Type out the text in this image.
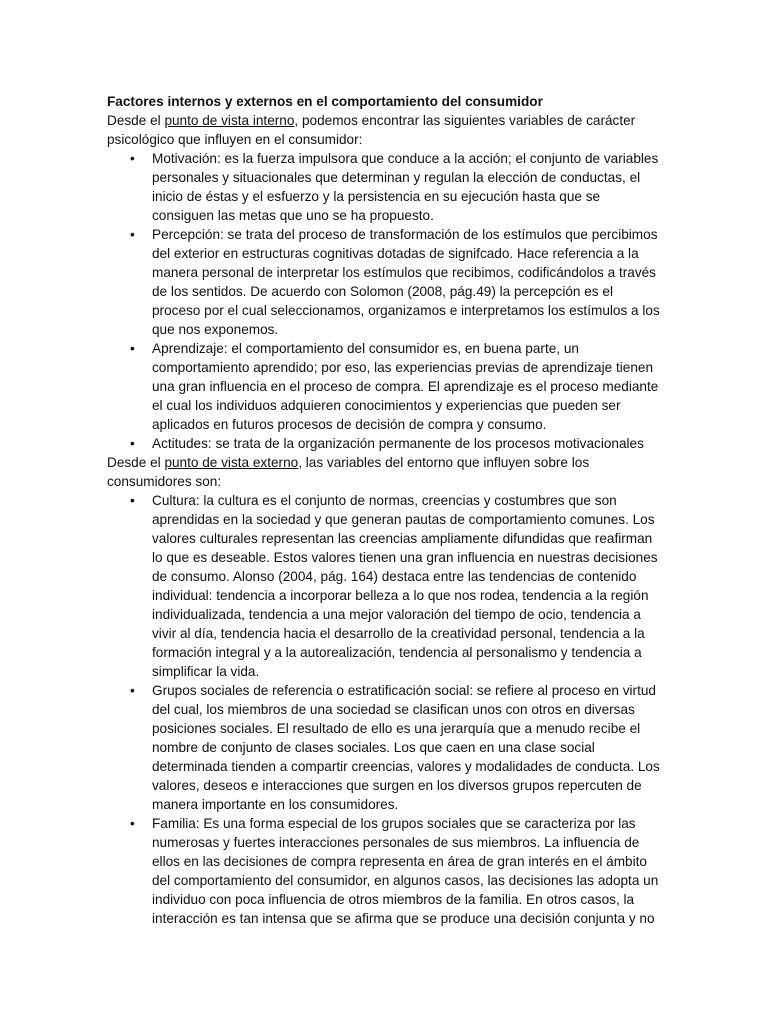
Factores internos y externos en el comportamiento del consumidor

Desde el punto de vista interno, podemos encontrar las siguientes variables de carácter psicológico que influyen en el consumidor:

• Motivación: es la fuerza impulsora que conduce a la acción; el conjunto de variables personales y situacionales que determinan y regulan la elección de conductas, el inicio de éstas y el esfuerzo y la persistencia en su ejecución hasta que se consiguen las metas que uno se ha propuesto.
• Percepción: se trata del proceso de transformación de los estímulos que percibimos del exterior en estructuras cognitivas dotadas de signifcado. Hace referencia a la manera personal de interpretar los estímulos que recibimos, codificándolos a través de los sentidos. De acuerdo con Solomon (2008, pág.49) la percepción es el proceso por el cual seleccionamos, organizamos e interpretamos los estímulos a los que nos exponemos.
• Aprendizaje: el comportamiento del consumidor es, en buena parte, un comportamiento aprendido; por eso, las experiencias previas de aprendizaje tienen una gran influencia en el proceso de compra. El aprendizaje es el proceso mediante el cual los individuos adquieren conocimientos y experiencias que pueden ser aplicados en futuros procesos de decisión de compra y consumo.
• Actitudes: se trata de la organización permanente de los procesos motivacionales

Desde el punto de vista externo, las variables del entorno que influyen sobre los consumidores son:

• Cultura: la cultura es el conjunto de normas, creencias y costumbres que son aprendidas en la sociedad y que generan pautas de comportamiento comunes. Los valores culturales representan las creencias ampliamente difundidas que reafirman lo que es deseable. Estos valores tienen una gran influencia en nuestras decisiones de consumo. Alonso (2004, pág. 164) destaca entre las tendencias de contenido individual: tendencia a incorporar belleza a lo que nos rodea, tendencia a la región individualizada, tendencia a una mejor valoración del tiempo de ocio, tendencia a vivir al día, tendencia hacia el desarrollo de la creatividad personal, tendencia a la formación integral y a la autorealización, tendencia al personalismo y tendencia a simplificar la vida.
• Grupos sociales de referencia o estratificación social: se refiere al proceso en virtud del cual, los miembros de una sociedad se clasifican unos con otros en diversas posiciones sociales. El resultado de ello es una jerarquía que a menudo recibe el nombre de conjunto de clases sociales. Los que caen en una clase social determinada tienden a compartir creencias, valores y modalidades de conducta. Los valores, deseos e interacciones que surgen en los diversos grupos repercuten de manera importante en los consumidores.
• Familia: Es una forma especial de los grupos sociales que se caracteriza por las numerosas y fuertes interacciones personales de sus miembros. La influencia de ellos en las decisiones de compra representa en área de gran interés en el ámbito del comportamiento del consumidor, en algunos casos, las decisiones las adopta un individuo con poca influencia de otros miembros de la familia. En otros casos, la interacción es tan intensa que se afirma que se produce una decisión conjunta y no
